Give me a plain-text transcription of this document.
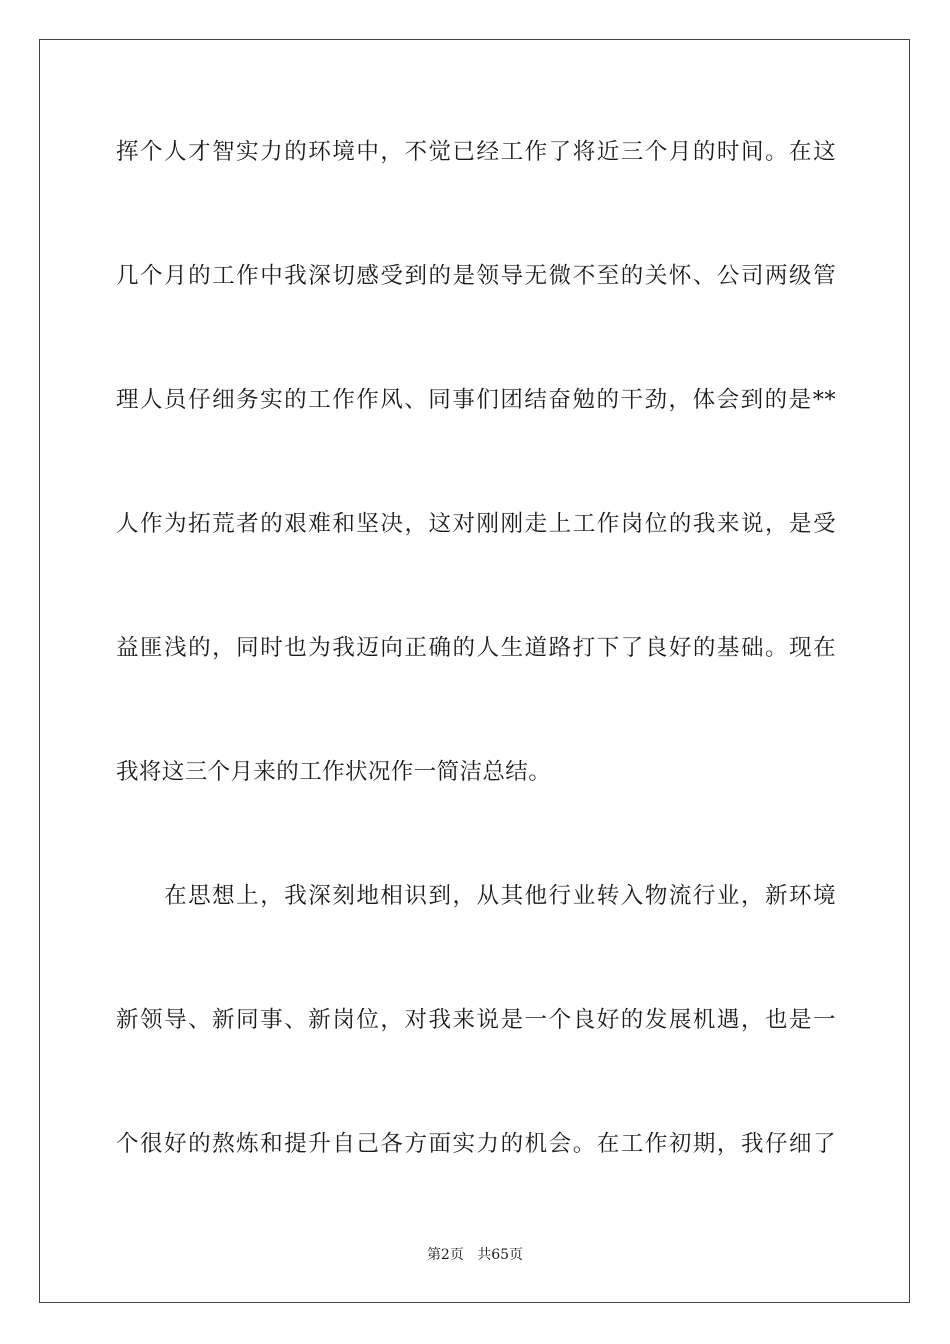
挥个人才智实力的环境中，不觉已经工作了将近三个月的时间。在这
几个月的工作中我深切感受到的是领导无微不至的关怀、公司两级管
理人员仔细务实的工作作风、同事们团结奋勉的干劲，体会到的是**
人作为拓荒者的艰难和坚决，这对刚刚走上工作岗位的我来说，是受
益匪浅的，同时也为我迈向正确的人生道路打下了良好的基础。现在
我将这三个月来的工作状况作一简洁总结。
　　在思想上，我深刻地相识到，从其他行业转入物流行业，新环境
新领导、新同事、新岗位，对我来说是一个良好的发展机遇，也是一
个很好的熬炼和提升自己各方面实力的机会。在工作初期，我仔细了
第2页 共65页
